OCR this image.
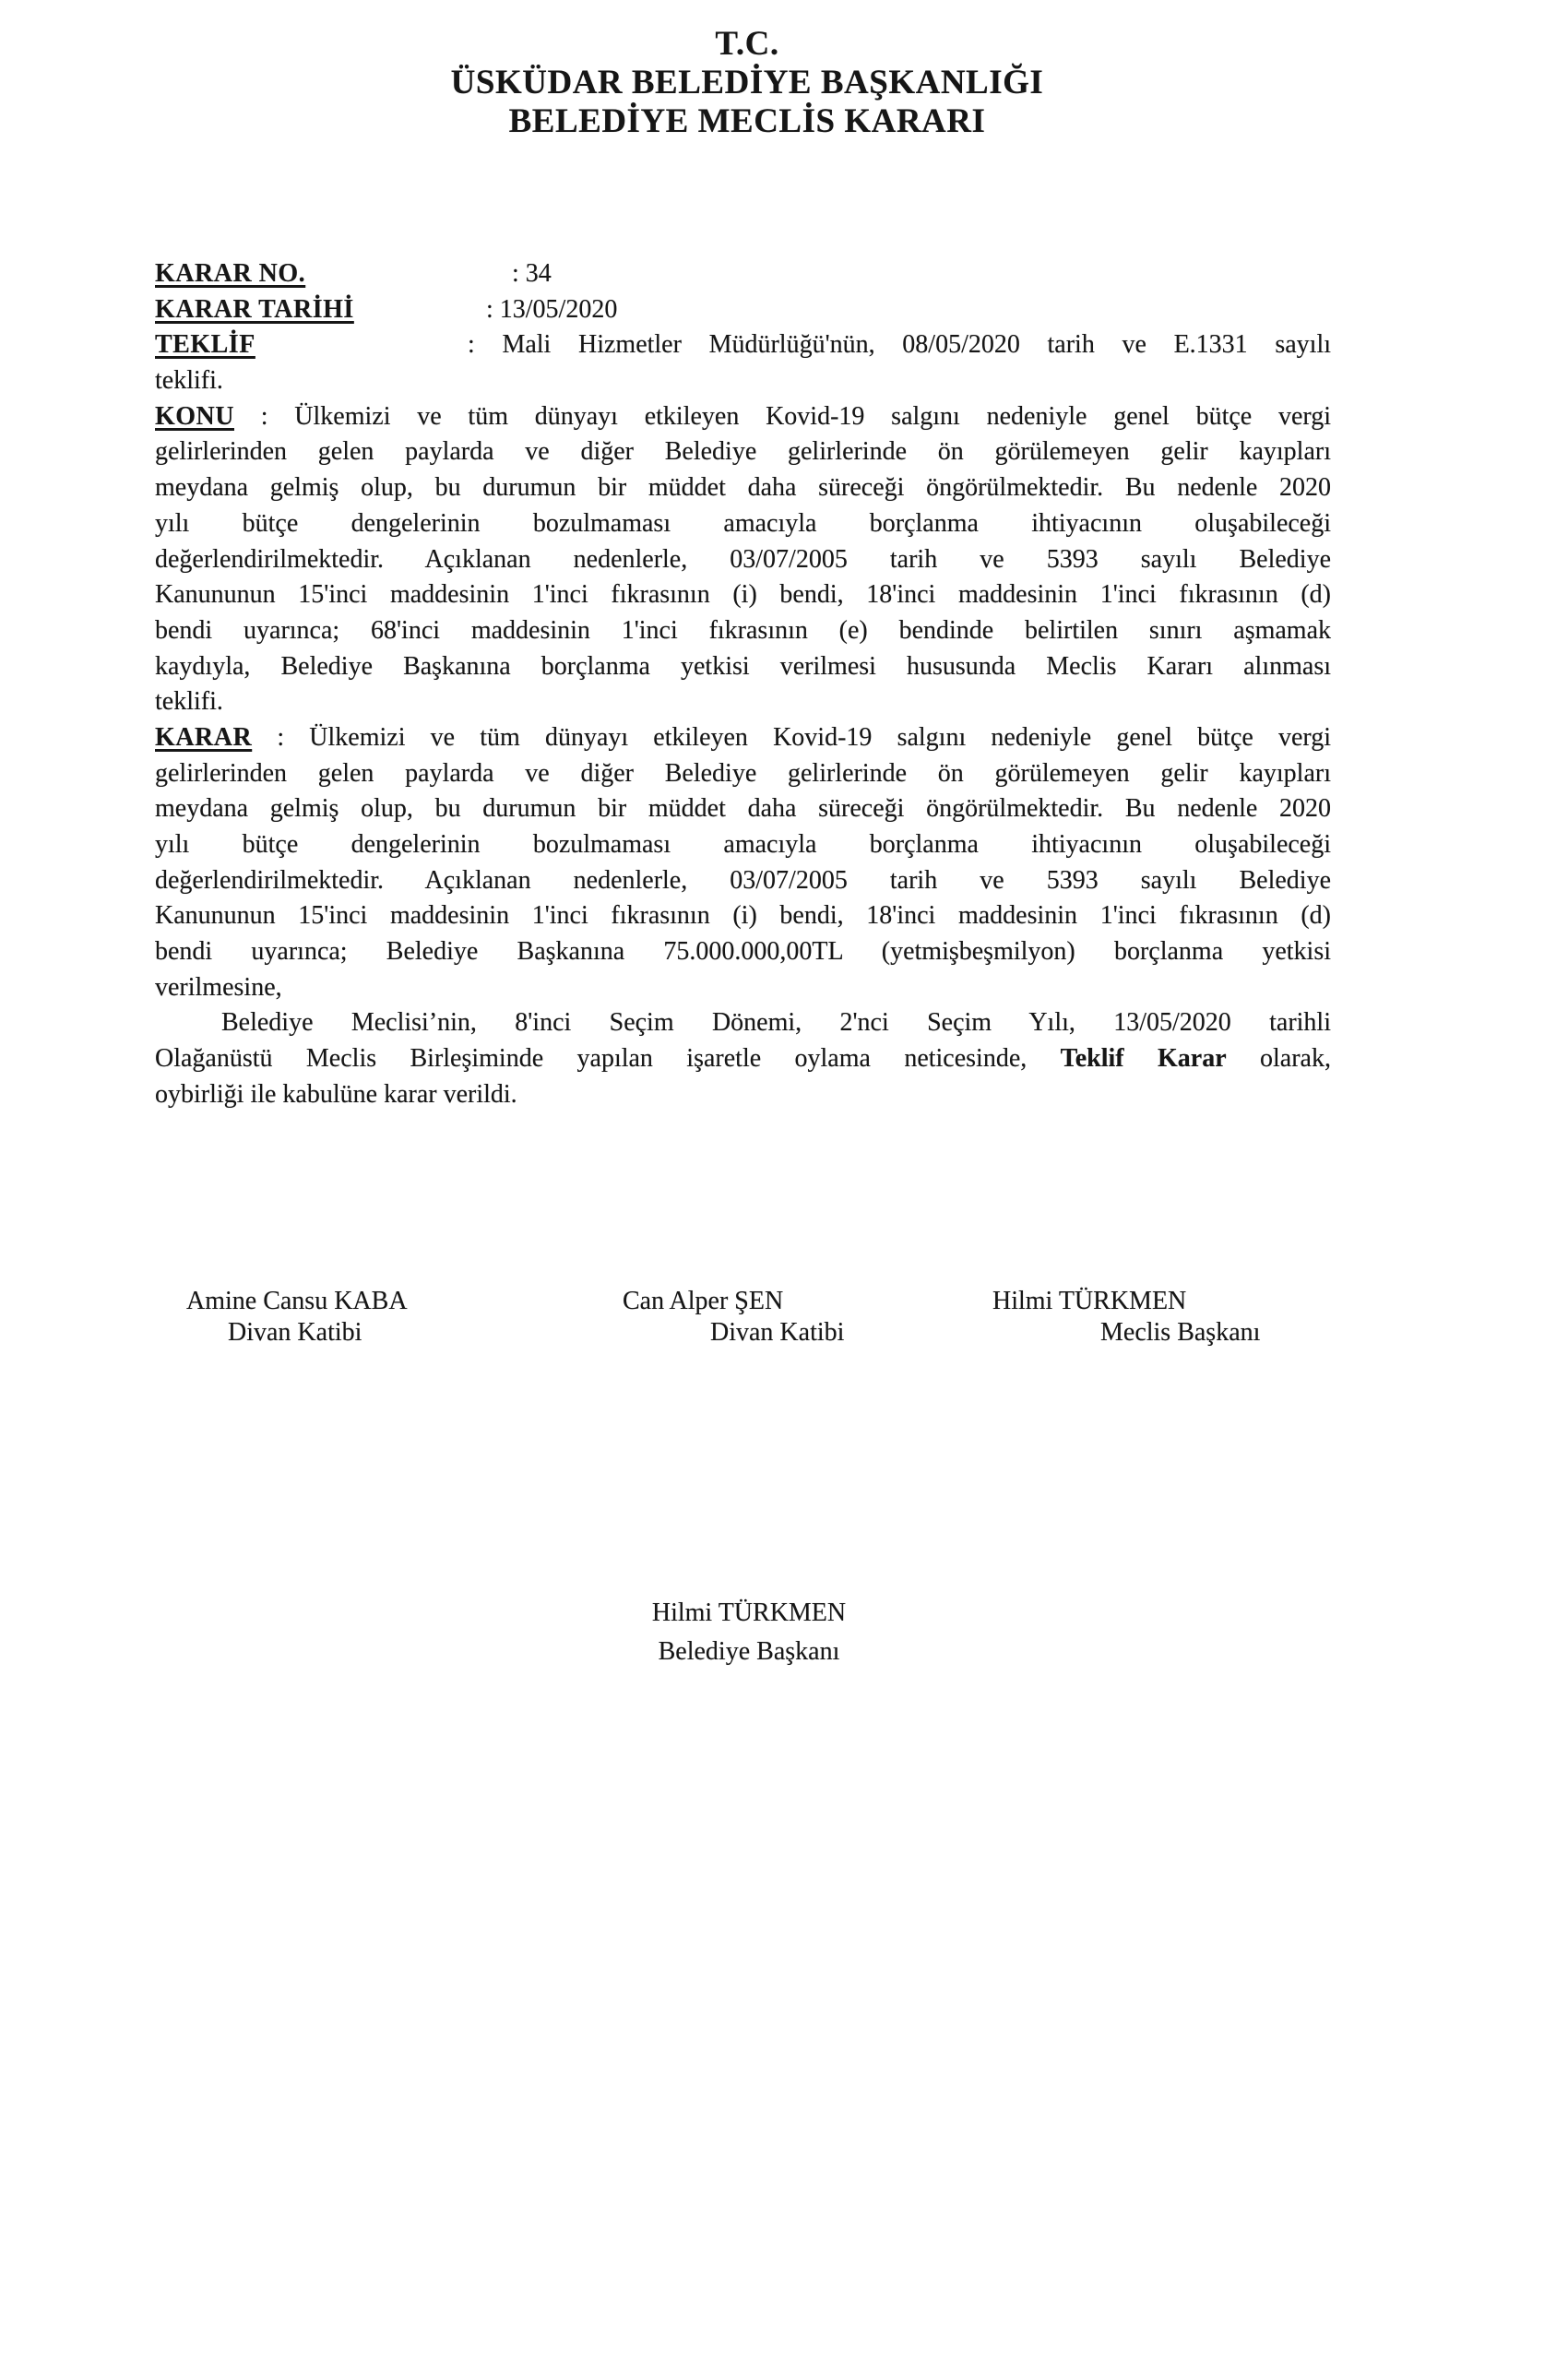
T.C.
ÜSKÜDAR BELEDİYE BAŞKANLIĞI
BELEDİYE MECLİS KARARI
KARAR NO.	: 34
KARAR TARİHİ	: 13/05/2020
TEKLİF	: Mali Hizmetler Müdürlüğü'nün, 08/05/2020 tarih ve E.1331 sayılı
teklifi.
KONU : Ülkemizi ve tüm dünyayı etkileyen Kovid-19 salgını nedeniyle genel bütçe vergi
gelirlerinden gelen paylarda ve diğer Belediye gelirlerinde ön görülemeyen gelir kayıpları
meydana gelmiş olup, bu durumun bir müddet daha süreceği öngörülmektedir. Bu nedenle 2020
yılı bütçe dengelerinin bozulmaması amacıyla borçlanma ihtiyacının oluşabileceği
değerlendirilmektedir. Açıklanan nedenlerle, 03/07/2005 tarih ve 5393 sayılı Belediye
Kanununun 15'inci maddesinin 1'inci fıkrasının (i) bendi, 18'inci maddesinin 1'inci fıkrasının (d)
bendi uyarınca; 68'inci maddesinin 1'inci fıkrasının (e) bendinde belirtilen sınırı aşmamak
kaydıyla, Belediye Başkanına borçlanma yetkisi verilmesi hususunda Meclis Kararı alınması
teklifi.
KARAR : Ülkemizi ve tüm dünyayı etkileyen Kovid-19 salgını nedeniyle genel bütçe vergi
gelirlerinden gelen paylarda ve diğer Belediye gelirlerinde ön görülemeyen gelir kayıpları
meydana gelmiş olup, bu durumun bir müddet daha süreceği öngörülmektedir. Bu nedenle 2020
yılı bütçe dengelerinin bozulmaması amacıyla borçlanma ihtiyacının oluşabileceği
değerlendirilmektedir. Açıklanan nedenlerle, 03/07/2005 tarih ve 5393 sayılı Belediye
Kanununun 15'inci maddesinin 1'inci fıkrasının (i) bendi, 18'inci maddesinin 1'inci fıkrasının (d)
bendi uyarınca; Belediye Başkanına 75.000.000,00TL (yetmişbeşmilyon) borçlanma yetkisi
verilmesine,
Belediye Meclisi’nin, 8'inci Seçim Dönemi, 2'nci Seçim Yılı, 13/05/2020 tarihli
Olağanüstü Meclis Birleşiminde yapılan işaretle oylama neticesinde, Teklif Karar olarak,
oybirliği ile kabulüne karar verildi.
Amine Cansu KABA	Can Alper ŞEN	Hilmi TÜRKMEN
Divan Katibi	Divan Katibi	Meclis Başkanı
Hilmi TÜRKMEN
Belediye Başkanı
